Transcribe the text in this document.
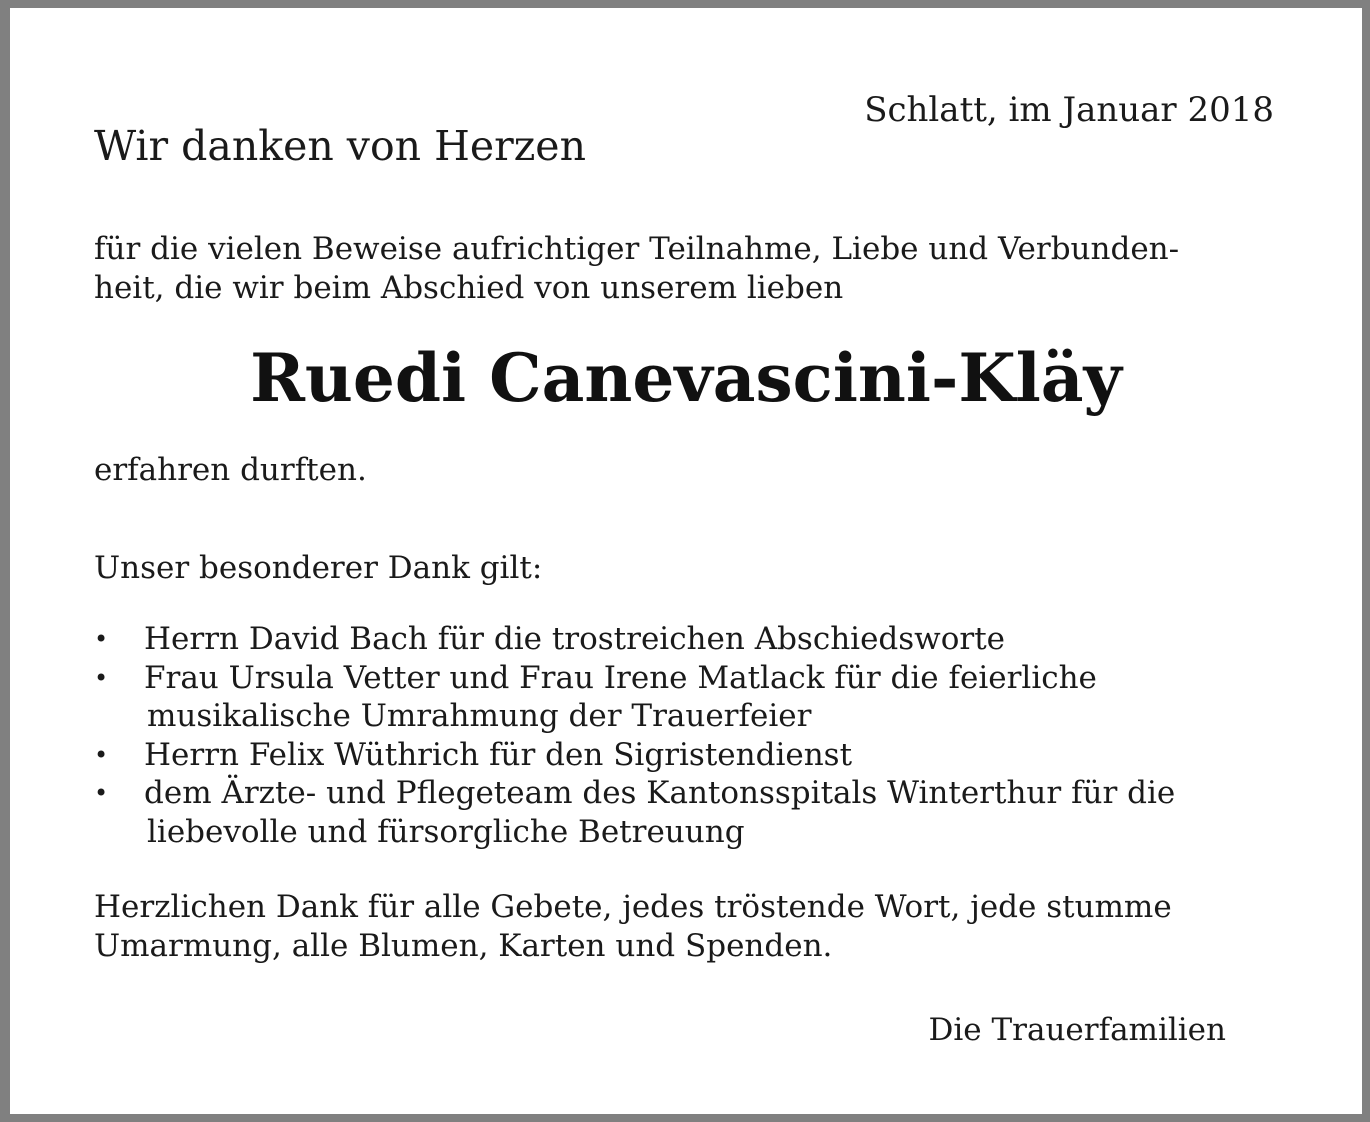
Schlatt, im Januar 2018

Wir danken von Herzen

für die vielen Beweise aufrichtiger Teilnahme, Liebe und Verbunden-
heit, die wir beim Abschied von unserem lieben

Ruedi Canevascini-Kläy

erfahren durften.

Unser besonderer Dank gilt:

• Herrn David Bach für die trostreichen Abschiedsworte
• Frau Ursula Vetter und Frau Irene Matlack für die feierliche
musikalische Umrahmung der Trauerfeier
• Herrn Felix Wüthrich für den Sigristendienst
• dem Ärzte- und Pflegeteam des Kantonsspitals Winterthur für die
liebevolle und fürsorgliche Betreuung

Herzlichen Dank für alle Gebete, jedes tröstende Wort, jede stumme
Umarmung, alle Blumen, Karten und Spenden.

Die Trauerfamilien
